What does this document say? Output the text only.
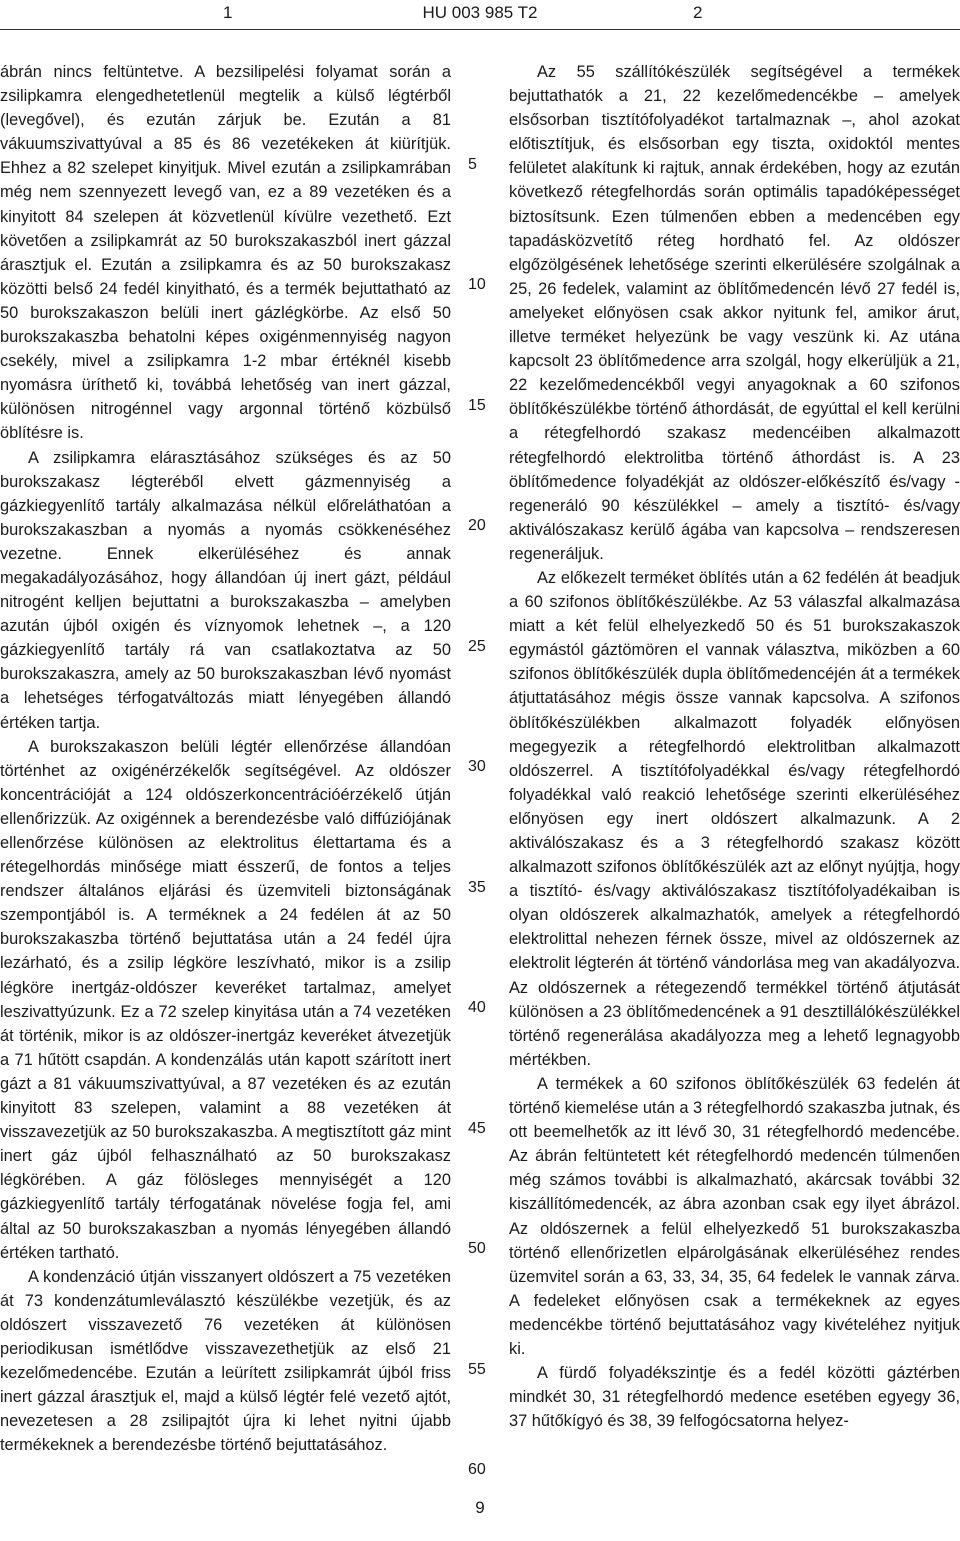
1	HU 003 985 T2	2

ábrán nincs feltüntetve. A bezsilipelési folyamat során a zsilipkamra elengedhetetlenül megtelik a külső légtérből (levegővel), és ezután zárjuk be. Ezután a 81 vákuumszivattyúval a 85 és 86 vezetékeken át kiürítjük. Ehhez a 82 szelepet kinyitjuk. Mivel ezután a zsilipkamrában még nem szennyezett levegő van, ez a 89 vezetéken és a kinyitott 84 szelepen át közvetlenül kívülre vezethető. Ezt követően a zsilipkamrát az 50 burokszakaszból inert gázzal árasztjuk el. Ezután a zsilipkamra és az 50 burokszakasz közötti belső 24 fedél kinyitható, és a termék bejuttatható az 50 burokszakaszon belüli inert gázlégkörbe. Az első 50 burokszakaszba behatolni képes oxigénmennyiség nagyon csekély, mivel a zsilipkamra 1-2 mbar értéknél kisebb nyomásra üríthető ki, továbbá lehetőség van inert gázzal, különösen nitrogénnel vagy argonnal történő közbülső öblítésre is.

A zsilipkamra elárasztásához szükséges és az 50 burokszakasz légteréből elvett gázmennyiség a gázkiegyenlítő tartály alkalmazása nélkül előreláthatóan a burokszakaszban a nyomás a nyomás csökkenéséhez vezetne. Ennek elkerüléséhez és annak megakadályozásához, hogy állandóan új inert gázt, például nitrogént kelljen bejuttatni a burokszakaszba – amelyben azután újból oxigén és víznyomok lehetnek –, a 120 gázkiegyenlítő tartály rá van csatlakoztatva az 50 burokszakaszra, amely az 50 burokszakaszban lévő nyomást a lehetséges térfogatváltozás miatt lényegében állandó értéken tartja.

A burokszakaszon belüli légtér ellenőrzése állandóan történhet az oxigénérzékelők segítségével. Az oldószer koncentrációját a 124 oldószerkoncentrációérzékelő útján ellenőrizzük. Az oxigénnek a berendezésbe való diffúziójának ellenőrzése különösen az elektrolitus élettartama és a rétegelhordás minősége miatt ésszerű, de fontos a teljes rendszer általános eljárási és üzemviteli biztonságának szempontjából is. A terméknek a 24 fedélen át az 50 burokszakaszba történő bejuttatása után a 24 fedél újra lezárható, és a zsilip légköre leszívható, mikor is a zsilip légköre inertgáz-oldószer keveréket tartalmaz, amelyet leszivattyúzunk. Ez a 72 szelep kinyitása után a 74 vezetéken át történik, mikor is az oldószer-inertgáz keveréket átvezetjük a 71 hűtött csapdán. A kondenzálás után kapott szárított inert gázt a 81 vákuumszivattyúval, a 87 vezetéken és az ezután kinyitott 83 szelepen, valamint a 88 vezetéken át visszavezetjük az 50 burokszakaszba. A megtisztított gáz mint inert gáz újból felhasználható az 50 burokszakasz légkörében. A gáz fölösleges mennyiségét a 120 gázkiegyenlítő tartály térfogatának növelése fogja fel, ami által az 50 burokszakaszban a nyomás lényegében állandó értéken tartható.

A kondenzáció útján visszanyert oldószert a 75 vezetéken át 73 kondenzátumleválasztó készülékbe vezetjük, és az oldószert visszavezető 76 vezetéken át különösen periodikusan ismétlődve visszavezethetjük az első 21 kezelőmedencébe. Ezután a leürített zsilipkamrát újból friss inert gázzal árasztjuk el, majd a külső légtér felé vezető ajtót, nevezetesen a 28 zsilipajtót újra ki lehet nyitni újabb termékeknek a berendezésbe történő bejuttatásához.

5
10
15
20
25
30
35
40
45
50
55
60

Az 55 szállítókészülék segítségével a termékek bejuttathatók a 21, 22 kezelőmedencékbe – amelyek elsősorban tisztítófolyadékot tartalmaznak –, ahol azokat előtisztítjuk, és elsősorban egy tiszta, oxidoktól mentes felületet alakítunk ki rajtuk, annak érdekében, hogy az ezután következő rétegfelhordás során optimális tapadóképességet biztosítsunk. Ezen túlmenően ebben a medencében egy tapadásközvetítő réteg hordható fel. Az oldószer elgőzölgésének lehetősége szerinti elkerülésére szolgálnak a 25, 26 fedelek, valamint az öblítőmedencén lévő 27 fedél is, amelyeket előnyösen csak akkor nyitunk fel, amikor árut, illetve terméket helyezünk be vagy veszünk ki. Az utána kapcsolt 23 öblítőmedence arra szolgál, hogy elkerüljük a 21, 22 kezelőmedencékből vegyi anyagoknak a 60 szifonos öblítőkészülékbe történő áthordását, de egyúttal el kell kerülni a rétegfelhordó szakasz medencéiben alkalmazott rétegfelhordó elektrolitba történő áthordást is. A 23 öblítőmedence folyadékját az oldószer-előkészítő és/vagy -regeneráló 90 készülékkel – amely a tisztító- és/vagy aktiválószakasz kerülő ágába van kapcsolva – rendszeresen regeneráljuk.

Az előkezelt terméket öblítés után a 62 fedélén át beadjuk a 60 szifonos öblítőkészülékbe. Az 53 válaszfal alkalmazása miatt a két felül elhelyezkedő 50 és 51 burokszakaszok egymástól gáztömören el vannak választva, miközben a 60 szifonos öblítőkészülék dupla öblítőmedencéjén át a termékek átjuttatásához mégis össze vannak kapcsolva. A szifonos öblítőkészülékben alkalmazott folyadék előnyösen megegyezik a rétegfelhordó elektrolitban alkalmazott oldószerrel. A tisztítófolyadékkal és/vagy rétegfelhordó folyadékkal való reakció lehetősége szerinti elkerüléséhez előnyösen egy inert oldószert alkalmazunk. A 2 aktiválószakasz és a 3 rétegfelhordó szakasz között alkalmazott szifonos öblítőkészülék azt az előnyt nyújtja, hogy a tisztító- és/vagy aktiválószakasz tisztítófolyadékaiban is olyan oldószerek alkalmazhatók, amelyek a rétegfelhordó elektrolittal nehezen férnek össze, mivel az oldószernek az elektrolit légterén át történő vándorlása meg van akadályozva. Az oldószernek a rétegezendő termékkel történő átjutását különösen a 23 öblítőmedencének a 91 desztillálókészülékkel történő regenerálása akadályozza meg a lehető legnagyobb mértékben.

A termékek a 60 szifonos öblítőkészülék 63 fedelén át történő kiemelése után a 3 rétegfelhordó szakaszba jutnak, és ott beemelhetők az itt lévő 30, 31 rétegfelhordó medencébe. Az ábrán feltüntetett két rétegfelhordó medencén túlmenően még számos további is alkalmazható, akárcsak további 32 kiszállítómedencék, az ábra azonban csak egy ilyet ábrázol. Az oldószernek a felül elhelyezkedő 51 burokszakaszba történő ellenőrizetlen elpárolgásának elkerüléséhez rendes üzemvitel során a 63, 33, 34, 35, 64 fedelek le vannak zárva. A fedeleket előnyösen csak a termékeknek az egyes medencékbe történő bejuttatásához vagy kivételéhez nyitjuk ki.

A fürdő folyadékszintje és a fedél közötti gáztérben mindkét 30, 31 rétegfelhordó medence esetében egyegy 36, 37 hűtőkígyó és 38, 39 felfogócsatorna helyez-

9
